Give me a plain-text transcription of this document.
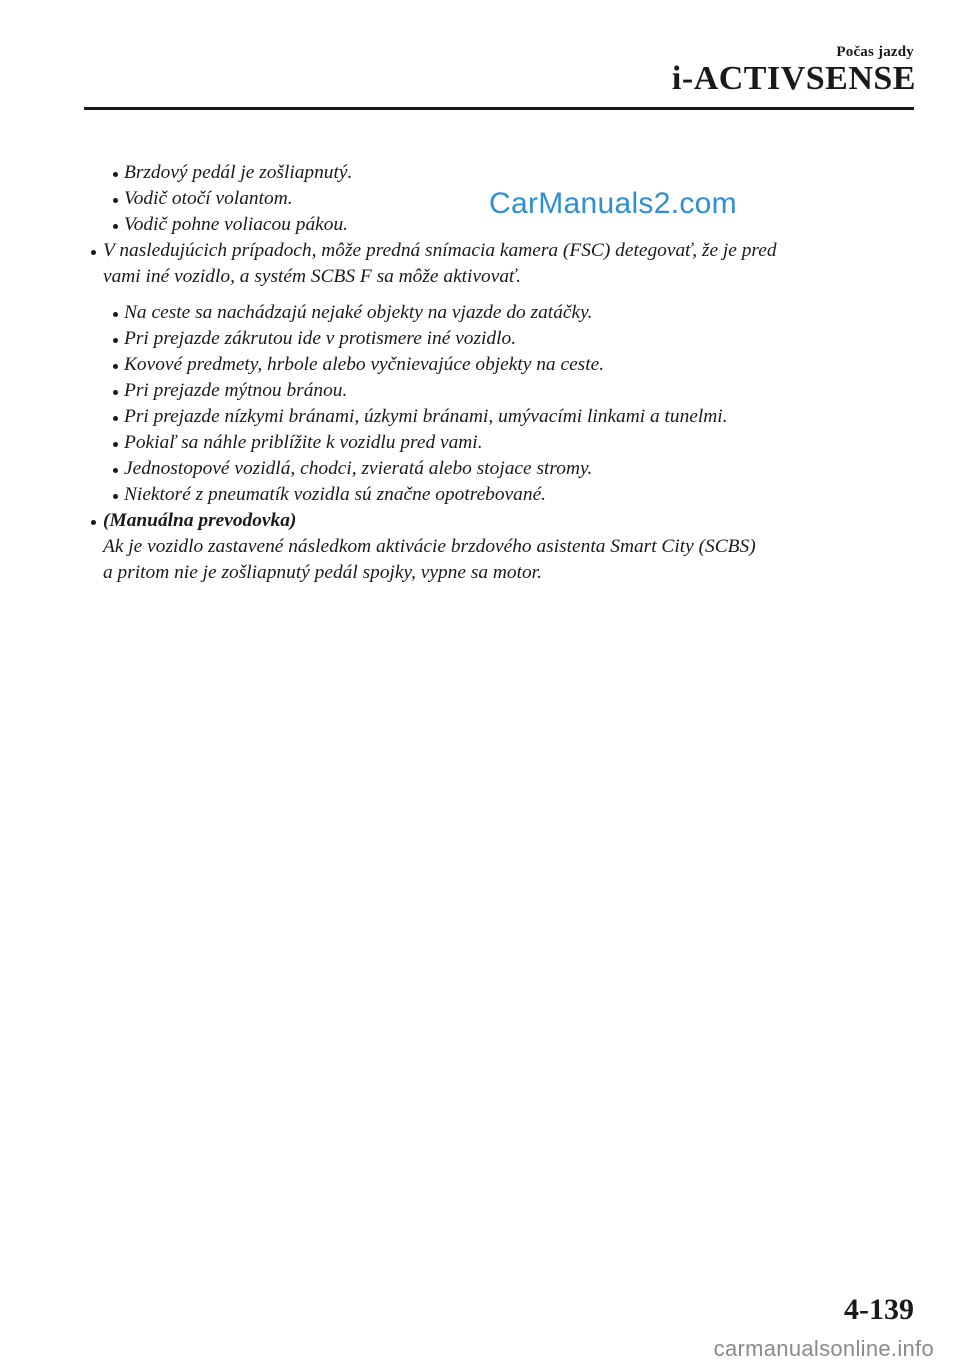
Počas jazdy
i-ACTIVSENSE
CarManuals2.com
Brzdový pedál je zošliapnutý.
Vodič otočí volantom.
Vodič pohne voliacou pákou.
V nasledujúcich prípadoch, môže predná snímacia kamera (FSC) detegovať, že je pred
vami iné vozidlo, a systém SCBS F sa môže aktivovať.
Na ceste sa nachádzajú nejaké objekty na vjazde do zatáčky.
Pri prejazde zákrutou ide v protismere iné vozidlo.
Kovové predmety, hrbole alebo vyčnievajúce objekty na ceste.
Pri prejazde mýtnou bránou.
Pri prejazde nízkymi bránami, úzkymi bránami, umývacími linkami a tunelmi.
Pokiaľ sa náhle priblížite k vozidlu pred vami.
Jednostopové vozidlá, chodci, zvieratá alebo stojace stromy.
Niektoré z pneumatík vozidla sú značne opotrebované.
(Manuálna prevodovka)
Ak je vozidlo zastavené následkom aktivácie brzdového asistenta Smart City (SCBS)
a pritom nie je zošliapnutý pedál spojky, vypne sa motor.
4-139
carmanualsonline.info
